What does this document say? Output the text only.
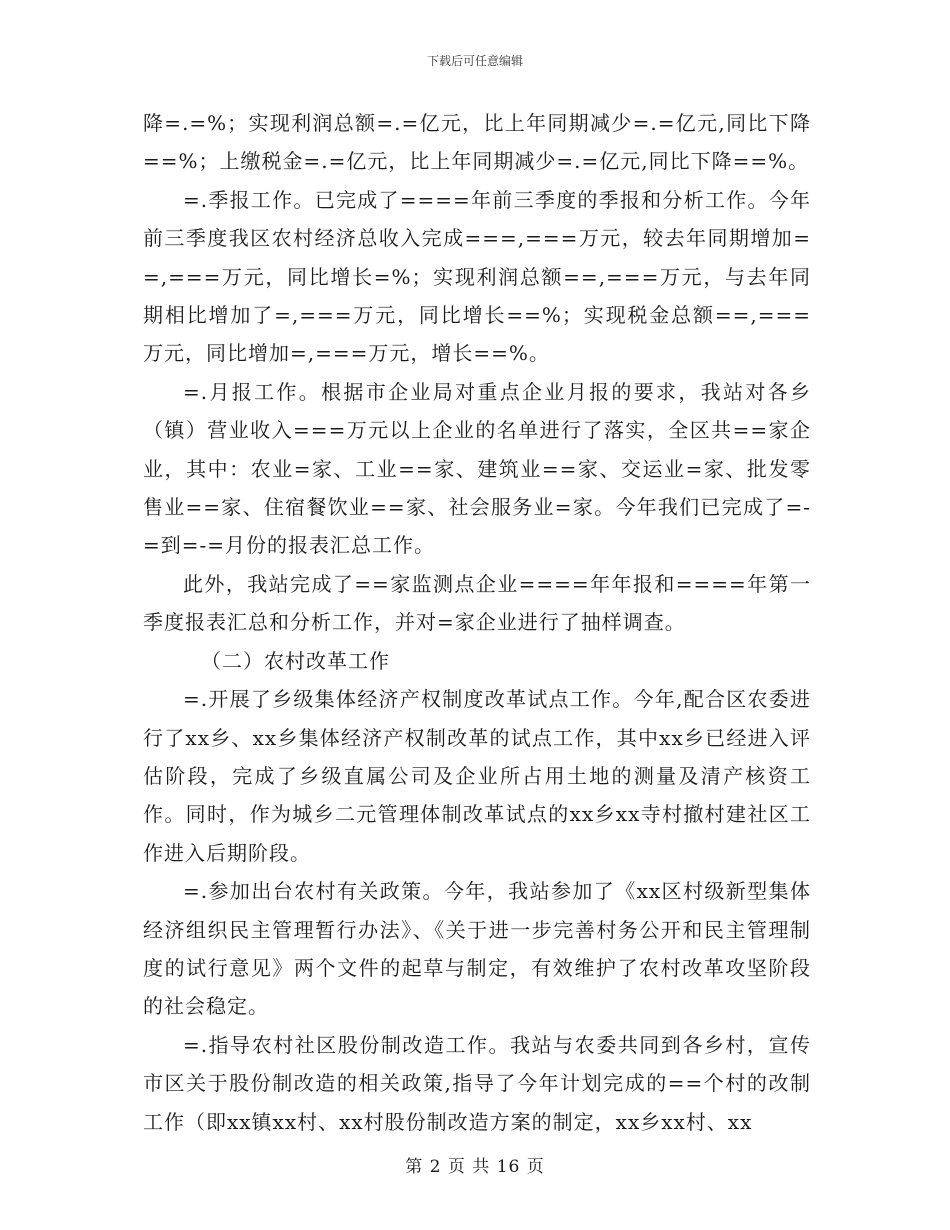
下载后可任意编辑

降=.=%；实现利润总额=.=亿元，比上年同期减少=.=亿元,同比下降==%；上缴税金=.=亿元，比上年同期减少=.=亿元,同比下降==%。

=.季报工作。已完成了====年前三季度的季报和分析工作。今年前三季度我区农村经济总收入完成===,===万元，较去年同期增加==,===万元，同比增长=%；实现利润总额==,===万元，与去年同期相比增加了=,===万元，同比增长==%；实现税金总额==,===万元，同比增加=,===万元，增长==%。

=.月报工作。根据市企业局对重点企业月报的要求，我站对各乡（镇）营业收入===万元以上企业的名单进行了落实，全区共==家企业，其中：农业=家、工业==家、建筑业==家、交运业=家、批发零售业==家、住宿餐饮业==家、社会服务业=家。今年我们已完成了=-=到=-=月份的报表汇总工作。

此外，我站完成了==家监测点企业====年年报和====年第一季度报表汇总和分析工作，并对=家企业进行了抽样调查。

（二）农村改革工作

=.开展了乡级集体经济产权制度改革试点工作。今年,配合区农委进行了xx乡、xx乡集体经济产权制改革的试点工作，其中xx乡已经进入评估阶段，完成了乡级直属公司及企业所占用土地的测量及清产核资工作。同时，作为城乡二元管理体制改革试点的xx乡xx寺村撤村建社区工作进入后期阶段。

=.参加出台农村有关政策。今年，我站参加了《xx区村级新型集体经济组织民主管理暂行办法》、《关于进一步完善村务公开和民主管理制度的试行意见》两个文件的起草与制定，有效维护了农村改革攻坚阶段的社会稳定。

=.指导农村社区股份制改造工作。我站与农委共同到各乡村，宣传市区关于股份制改造的相关政策,指导了今年计划完成的==个村的改制工作（即xx镇xx村、xx村股份制改造方案的制定，xx乡xx村、xx

第 2 页 共 16 页
